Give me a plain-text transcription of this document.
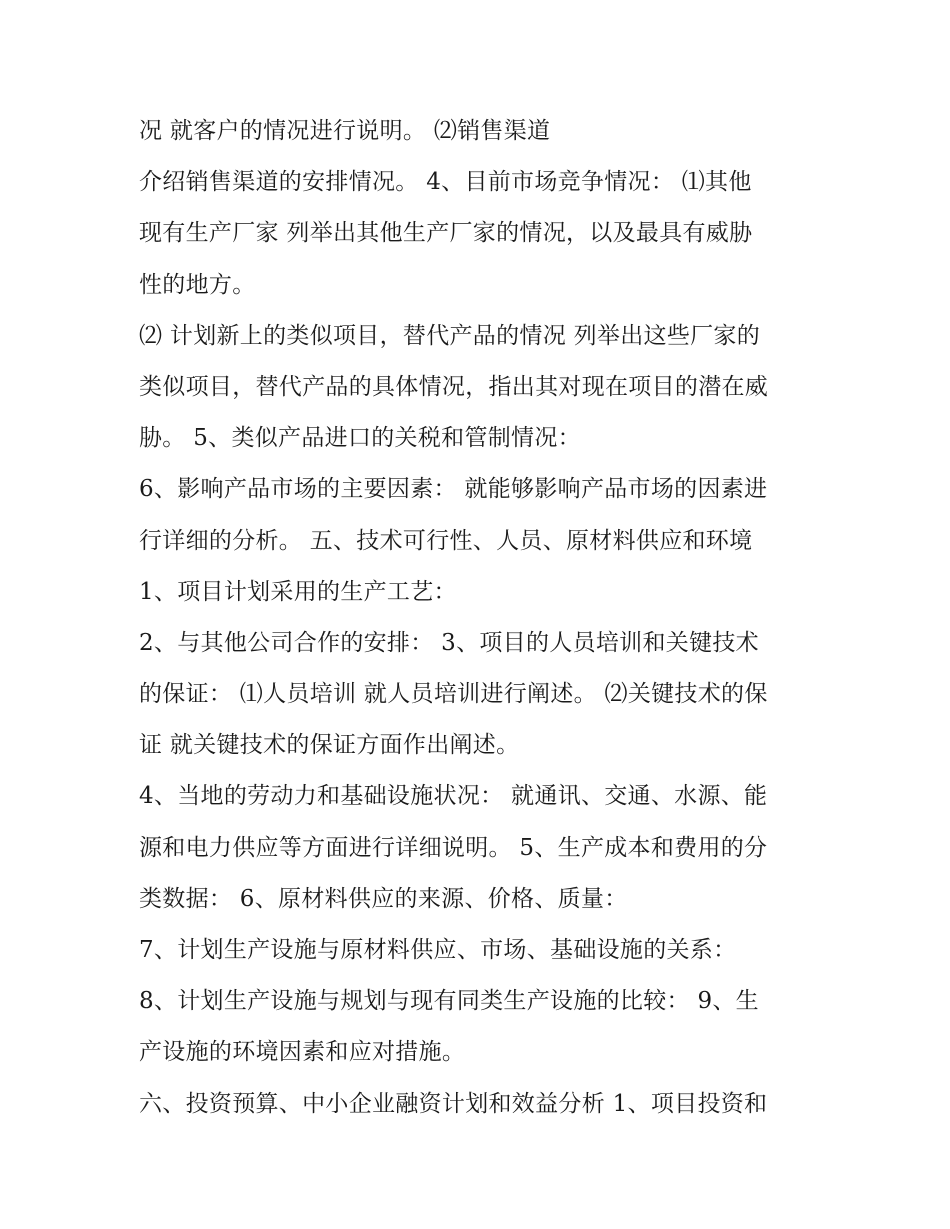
况 就客户的情况进行说明。 ⑵销售渠道
介绍销售渠道的安排情况。 4、目前市场竞争情况： ⑴其他
现有生产厂家 列举出其他生产厂家的情况，以及最具有威胁
性的地方。
⑵ 计划新上的类似项目，替代产品的情况 列举出这些厂家的
类似项目，替代产品的具体情况，指出其对现在项目的潜在威
胁。 5、类似产品进口的关税和管制情况：
6、影响产品市场的主要因素： 就能够影响产品市场的因素进
行详细的分析。 五、技术可行性、人员、原材料供应和环境
1、项目计划采用的生产工艺：
2、与其他公司合作的安排： 3、项目的人员培训和关键技术
的保证： ⑴人员培训 就人员培训进行阐述。 ⑵关键技术的保
证 就关键技术的保证方面作出阐述。
4、当地的劳动力和基础设施状况： 就通讯、交通、水源、能
源和电力供应等方面进行详细说明。 5、生产成本和费用的分
类数据： 6、原材料供应的来源、价格、质量：
7、计划生产设施与原材料供应、市场、基础设施的关系：
8、计划生产设施与规划与现有同类生产设施的比较： 9、生
产设施的环境因素和应对措施。
六、投资预算、中小企业融资计划和效益分析 1、项目投资和
